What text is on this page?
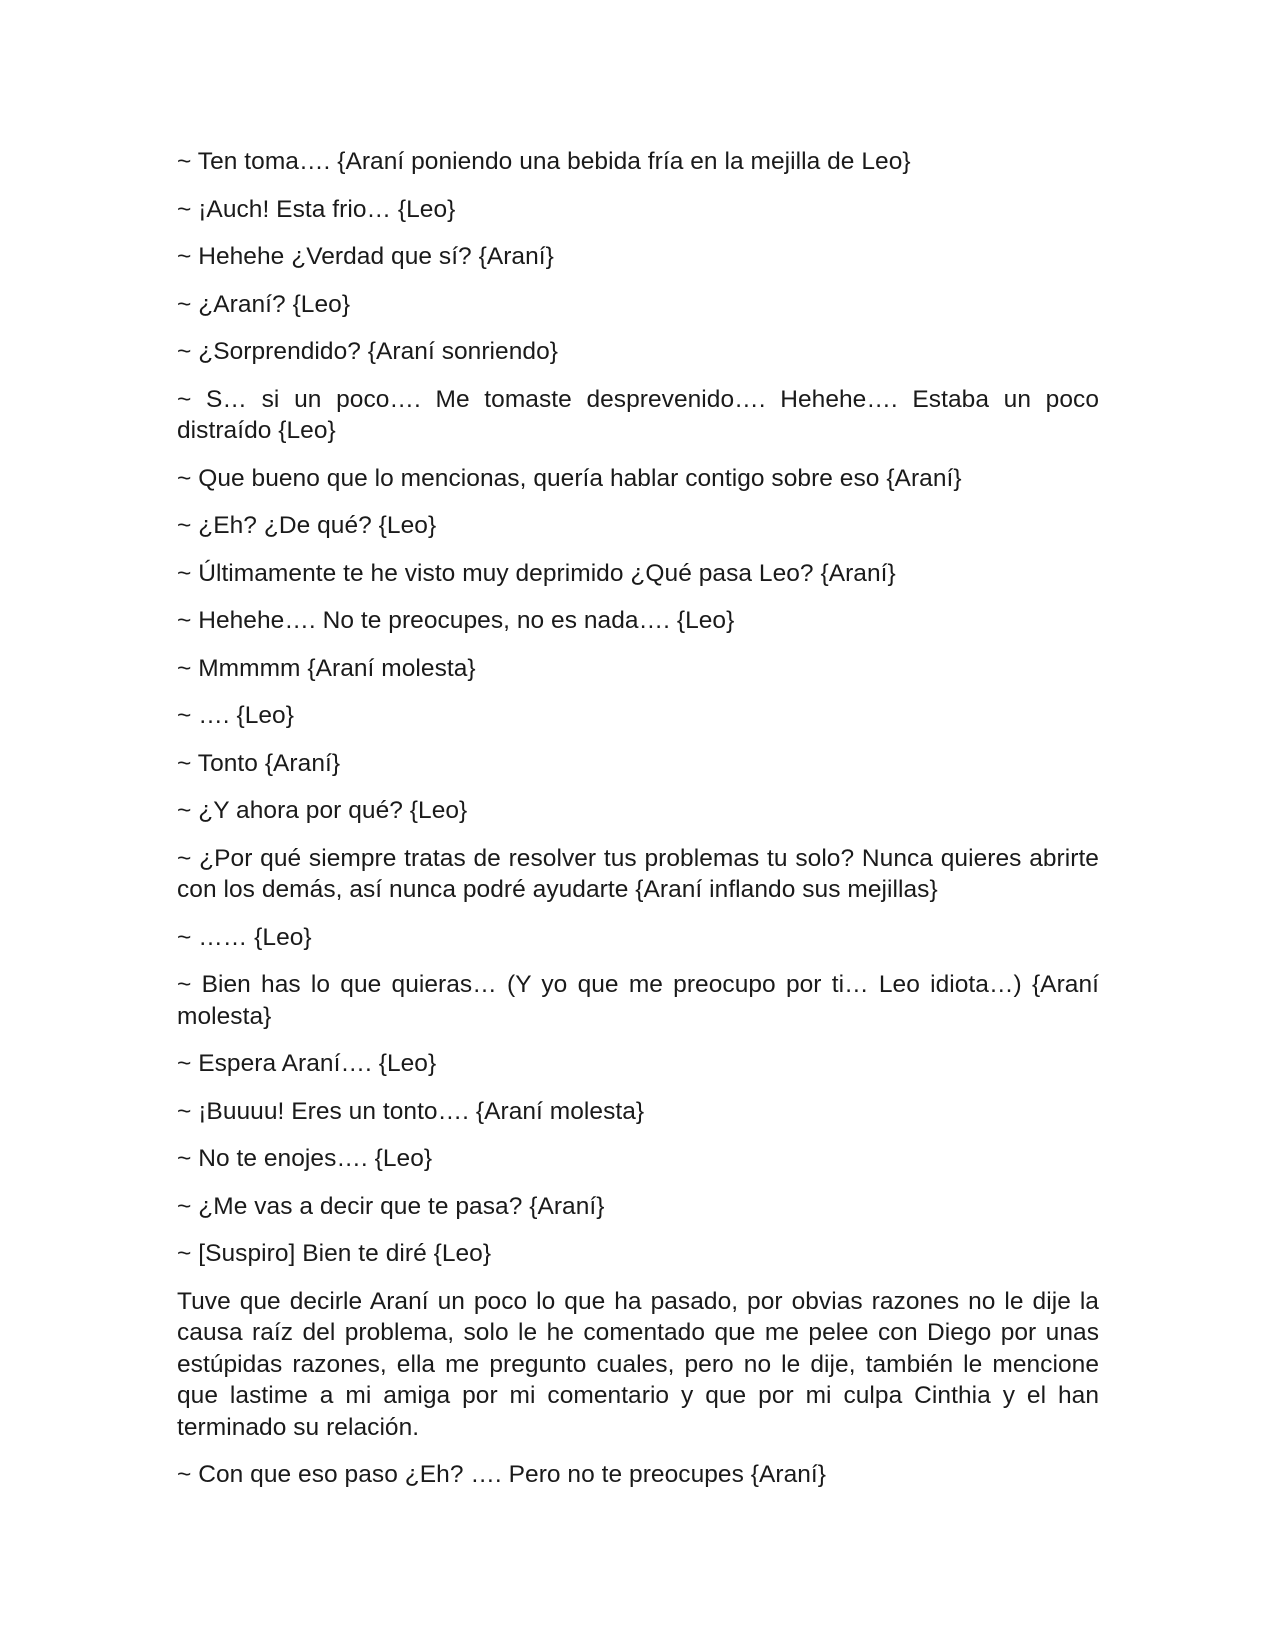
~ Ten toma…. {Araní poniendo una bebida fría en la mejilla de Leo}

~ ¡Auch! Esta frio… {Leo}

~ Hehehe ¿Verdad que sí? {Araní}

~ ¿Araní? {Leo}

~ ¿Sorprendido? {Araní sonriendo}

~ S… si un poco…. Me tomaste desprevenido…. Hehehe…. Estaba un poco distraído {Leo}

~ Que bueno que lo mencionas, quería hablar contigo sobre eso {Araní}

~ ¿Eh? ¿De qué? {Leo}

~ Últimamente te he visto muy deprimido ¿Qué pasa Leo? {Araní}

~ Hehehe…. No te preocupes, no es nada…. {Leo}

~ Mmmmm {Araní molesta}

~ …. {Leo}

~ Tonto {Araní}

~ ¿Y ahora por qué? {Leo}

~ ¿Por qué siempre tratas de resolver tus problemas tu solo? Nunca quieres abrirte con los demás, así nunca podré ayudarte {Araní inflando sus mejillas}

~ …… {Leo}

~ Bien has lo que quieras… (Y yo que me preocupo por ti… Leo idiota…) {Araní molesta}

~ Espera Araní…. {Leo}

~ ¡Buuuu! Eres un tonto…. {Araní molesta}

~ No te enojes…. {Leo}

~ ¿Me vas a decir que te pasa? {Araní}

~ [Suspiro] Bien te diré {Leo}

Tuve que decirle Araní un poco lo que ha pasado, por obvias razones no le dije la causa raíz del problema, solo le he comentado que me pelee con Diego por unas estúpidas razones, ella me pregunto cuales, pero no le dije, también le mencione que lastime a mi amiga por mi comentario y que por mi culpa Cinthia y el han terminado su relación.

~ Con que eso paso ¿Eh? …. Pero no te preocupes {Araní}
